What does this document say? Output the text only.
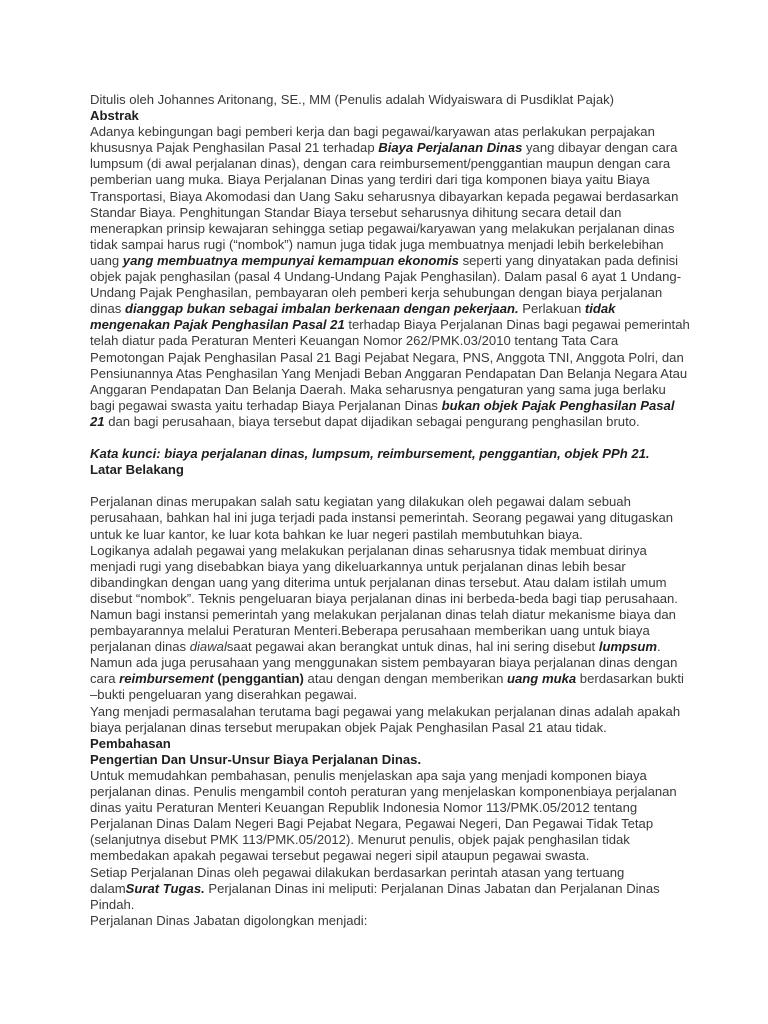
Ditulis oleh Johannes Aritonang, SE., MM (Penulis adalah Widyaiswara di Pusdiklat Pajak)

Abstrak

Adanya kebingungan bagi pemberi kerja dan bagi pegawai/karyawan atas perlakukan perpajakan khususnya Pajak Penghasilan Pasal 21 terhadap Biaya Perjalanan Dinas yang dibayar dengan cara lumpsum (di awal perjalanan dinas), dengan cara reimbursement/penggantian maupun dengan cara pemberian uang muka. Biaya Perjalanan Dinas yang terdiri dari tiga komponen biaya yaitu Biaya Transportasi, Biaya Akomodasi dan Uang Saku seharusnya dibayarkan kepada pegawai berdasarkan Standar Biaya. Penghitungan Standar Biaya tersebut seharusnya dihitung secara detail dan menerapkan prinsip kewajaran sehingga setiap pegawai/karyawan yang melakukan perjalanan dinas tidak sampai harus rugi (“nombok”) namun juga tidak juga membuatnya menjadi lebih berkelebihan uang yang membuatnya mempunyai kemampuan ekonomis seperti yang dinyatakan pada definisi objek pajak penghasilan (pasal 4 Undang-Undang Pajak Penghasilan). Dalam pasal 6 ayat 1 Undang-Undang Pajak Penghasilan, pembayaran oleh pemberi kerja sehubungan dengan biaya perjalanan dinas dianggap bukan sebagai imbalan berkenaan dengan pekerjaan. Perlakuan tidak mengenakan Pajak Penghasilan Pasal 21 terhadap Biaya Perjalanan Dinas bagi pegawai pemerintah telah diatur pada Peraturan Menteri Keuangan Nomor 262/PMK.03/2010 tentang Tata Cara Pemotongan Pajak Penghasilan Pasal 21 Bagi Pejabat Negara, PNS, Anggota TNI, Anggota Polri, dan Pensiunannya Atas Penghasilan Yang Menjadi Beban Anggaran Pendapatan Dan Belanja Negara Atau Anggaran Pendapatan Dan Belanja Daerah. Maka seharusnya pengaturan yang sama juga berlaku bagi pegawai swasta yaitu terhadap Biaya Perjalanan Dinas bukan objek Pajak Penghasilan Pasal 21 dan bagi perusahaan, biaya tersebut dapat dijadikan sebagai pengurang penghasilan bruto.

Kata kunci: biaya perjalanan dinas, lumpsum, reimbursement, penggantian, objek PPh 21.

Latar Belakang

Perjalanan dinas merupakan salah satu kegiatan yang dilakukan oleh pegawai dalam sebuah perusahaan, bahkan hal ini juga terjadi pada instansi pemerintah. Seorang pegawai yang ditugaskan untuk ke luar kantor, ke luar kota bahkan ke luar negeri pastilah membutuhkan biaya.

Logikanya adalah pegawai yang melakukan perjalanan dinas seharusnya tidak membuat dirinya menjadi rugi yang disebabkan biaya yang dikeluarkannya untuk perjalanan dinas lebih besar dibandingkan dengan uang yang diterima untuk perjalanan dinas tersebut. Atau dalam istilah umum disebut “nombok”. Teknis pengeluaran biaya perjalanan dinas ini berbeda-beda bagi tiap perusahaan. Namun bagi instansi pemerintah yang melakukan perjalanan dinas telah diatur mekanisme biaya dan pembayarannya melalui Peraturan Menteri.Beberapa perusahaan memberikan uang untuk biaya perjalanan dinas diawalsaat pegawai akan berangkat untuk dinas, hal ini sering disebut lumpsum. Namun ada juga perusahaan yang menggunakan sistem pembayaran biaya perjalanan dinas dengan cara reimbursement (penggantian) atau dengan dengan memberikan uang muka berdasarkan bukti –bukti pengeluaran yang diserahkan pegawai.

Yang menjadi permasalahan terutama bagi pegawai yang melakukan perjalanan dinas adalah apakah biaya perjalanan dinas tersebut merupakan objek Pajak Penghasilan Pasal 21 atau tidak.

Pembahasan

Pengertian Dan Unsur-Unsur Biaya Perjalanan Dinas.

Untuk memudahkan pembahasan, penulis menjelaskan apa saja yang menjadi komponen biaya perjalanan dinas. Penulis mengambil contoh peraturan yang menjelaskan komponenbiaya perjalanan dinas yaitu Peraturan Menteri Keuangan Republik Indonesia Nomor 113/PMK.05/2012 tentang Perjalanan Dinas Dalam Negeri Bagi Pejabat Negara, Pegawai Negeri, Dan Pegawai Tidak Tetap (selanjutnya disebut PMK 113/PMK.05/2012). Menurut penulis, objek pajak penghasilan tidak membedakan apakah pegawai tersebut pegawai negeri sipil ataupun pegawai swasta.

Setiap Perjalanan Dinas oleh pegawai dilakukan berdasarkan perintah atasan yang tertuang dalamSurat Tugas. Perjalanan Dinas ini meliputi: Perjalanan Dinas Jabatan dan Perjalanan Dinas Pindah.

Perjalanan Dinas Jabatan digolongkan menjadi:
